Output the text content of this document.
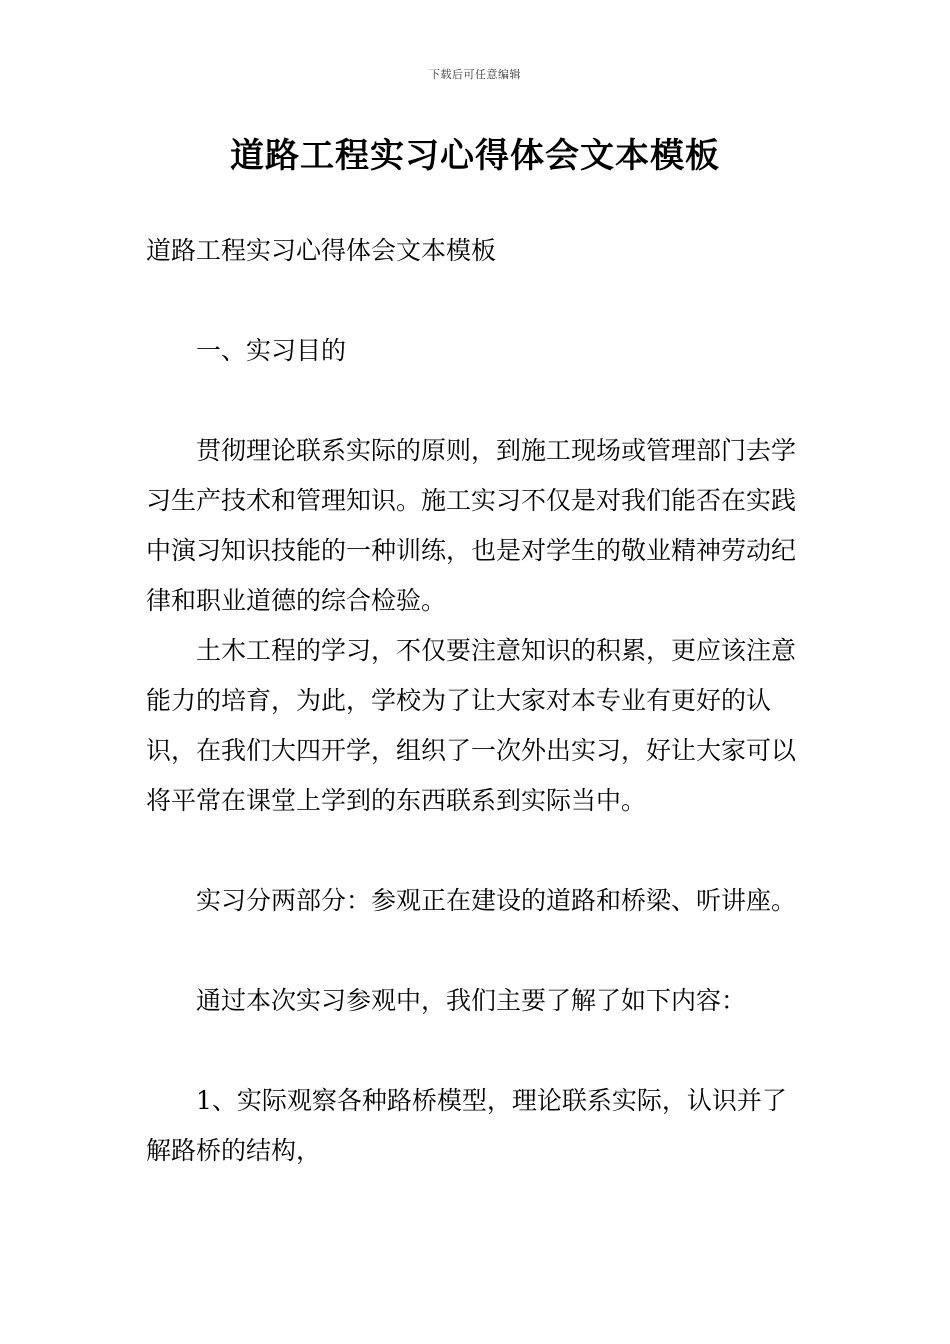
下载后可任意编辑
道路工程实习心得体会文本模板

道路工程实习心得体会文本模板

一、实习目的

贯彻理论联系实际的原则，到施工现场或管理部门去学习生产技术和管理知识。施工实习不仅是对我们能否在实践中演习知识技能的一种训练，也是对学生的敬业精神劳动纪律和职业道德的综合检验。

土木工程的学习，不仅要注意知识的积累，更应该注意能力的培育，为此，学校为了让大家对本专业有更好的认识，在我们大四开学，组织了一次外出实习，好让大家可以将平常在课堂上学到的东西联系到实际当中。

实习分两部分：参观正在建设的道路和桥梁、听讲座。

通过本次实习参观中，我们主要了解了如下内容：

1、实际观察各种路桥模型，理论联系实际，认识并了解路桥的结构，
